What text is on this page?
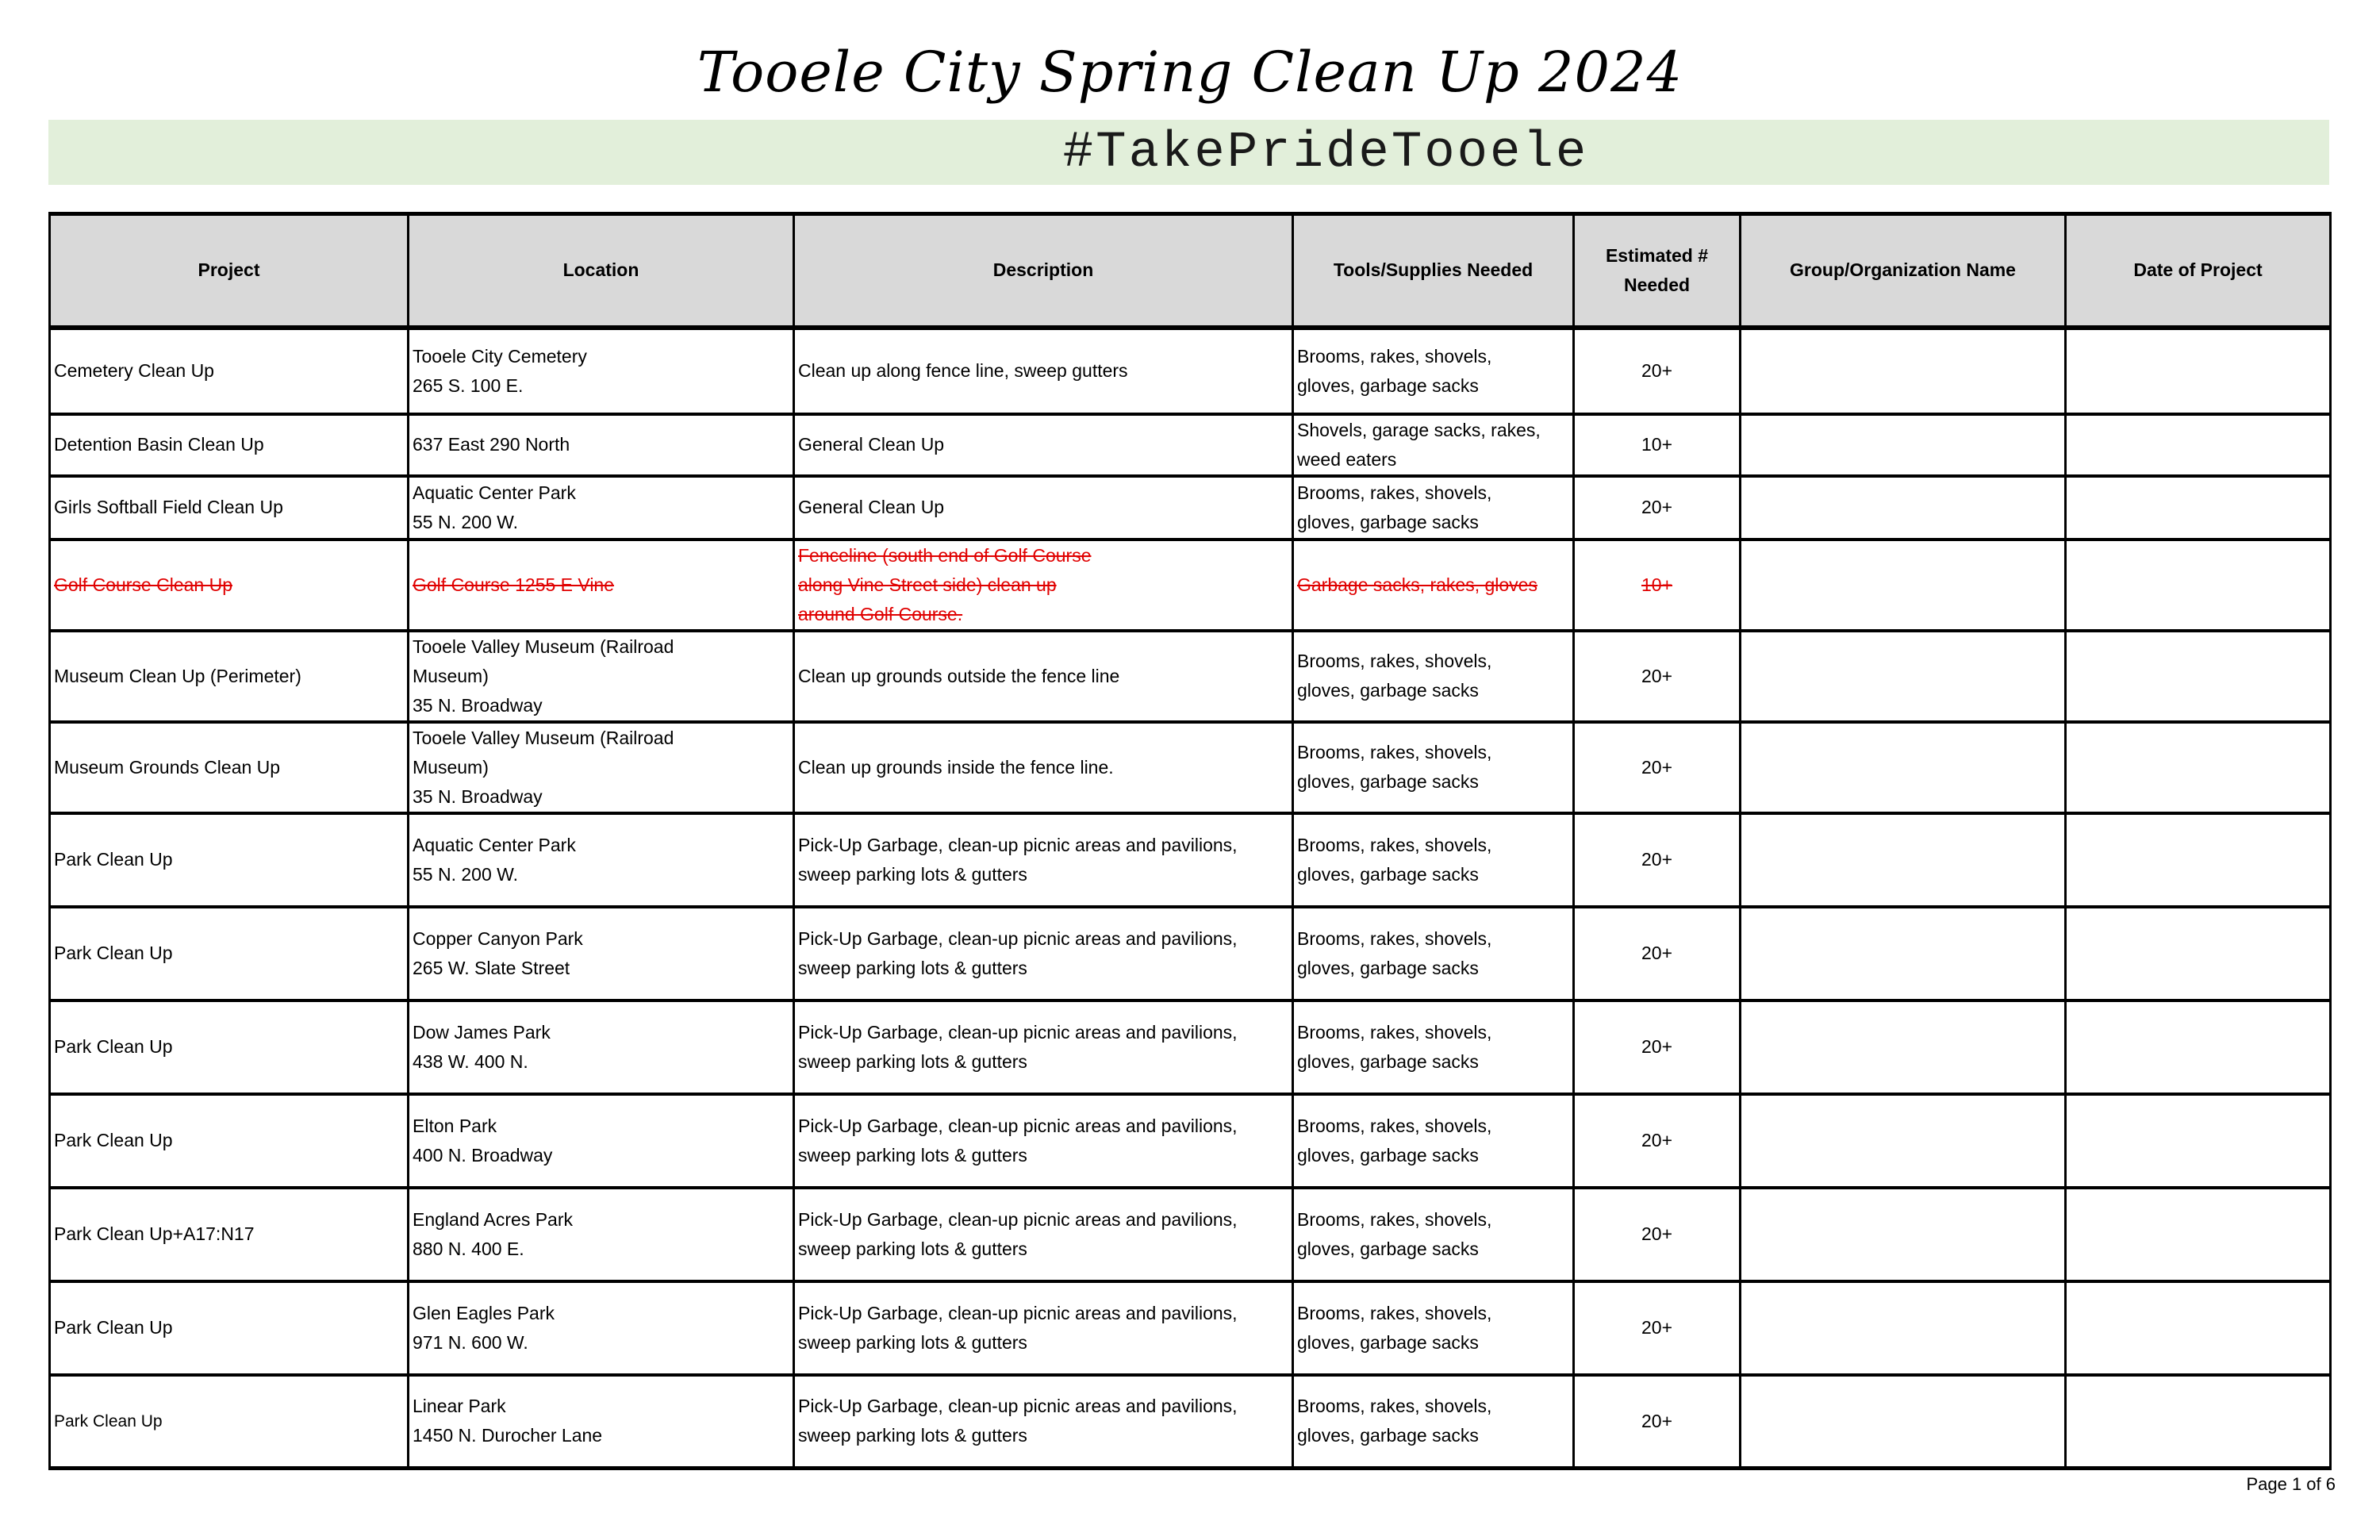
Tooele City Spring Clean Up 2024
#TakePrideTooele
Project	Location	Description	Tools/Supplies Needed	Estimated #
Needed	Group/Organization Name	Date of Project

Cemetery Clean Up	Tooele City Cemetery
265 S. 100 E.	Clean up along fence line, sweep gutters	Brooms, rakes, shovels,
gloves, garbage sacks	20+		

Detention Basin Clean Up	637 East 290 North	General Clean Up	Shovels, garage sacks, rakes,
weed eaters	10+		

Girls Softball Field Clean Up	Aquatic Center Park
55 N. 200 W.	General Clean Up	Brooms, rakes, shovels,
gloves, garbage sacks	20+		

Golf Course Clean Up	Golf Course 1255 E Vine	Fenceline (south end of Golf Course
along Vine Street side) clean up
around Golf Course.	Garbage sacks, rakes, gloves	10+		

Museum Clean Up (Perimeter)	Tooele Valley Museum (Railroad
Museum)
35 N. Broadway	Clean up grounds outside the fence line	Brooms, rakes, shovels,
gloves, garbage sacks	20+		

Museum Grounds Clean Up	Tooele Valley Museum (Railroad
Museum)
35 N. Broadway	Clean up grounds inside the fence line.	Brooms, rakes, shovels,
gloves, garbage sacks	20+		

Park Clean Up	Aquatic Center Park
55 N. 200 W.	Pick-Up Garbage, clean-up picnic areas and pavilions,
sweep parking lots & gutters	Brooms, rakes, shovels,
gloves, garbage sacks	20+		

Park Clean Up	Copper Canyon Park
265 W. Slate Street	Pick-Up Garbage, clean-up picnic areas and pavilions,
sweep parking lots & gutters	Brooms, rakes, shovels,
gloves, garbage sacks	20+		

Park Clean Up	Dow James Park
438 W. 400 N.	Pick-Up Garbage, clean-up picnic areas and pavilions,
sweep parking lots & gutters	Brooms, rakes, shovels,
gloves, garbage sacks	20+		

Park Clean Up	Elton Park
400 N. Broadway	Pick-Up Garbage, clean-up picnic areas and pavilions,
sweep parking lots & gutters	Brooms, rakes, shovels,
gloves, garbage sacks	20+		

Park Clean Up+A17:N17	England Acres Park
880 N. 400 E.	Pick-Up Garbage, clean-up picnic areas and pavilions,
sweep parking lots & gutters	Brooms, rakes, shovels,
gloves, garbage sacks	20+		

Park Clean Up	Glen Eagles Park
971 N. 600 W.	Pick-Up Garbage, clean-up picnic areas and pavilions,
sweep parking lots & gutters	Brooms, rakes, shovels,
gloves, garbage sacks	20+		

Park Clean Up	Linear Park
1450 N. Durocher Lane	Pick-Up Garbage, clean-up picnic areas and pavilions,
sweep parking lots & gutters	Brooms, rakes, shovels,
gloves, garbage sacks	20+		

Page 1 of 6
